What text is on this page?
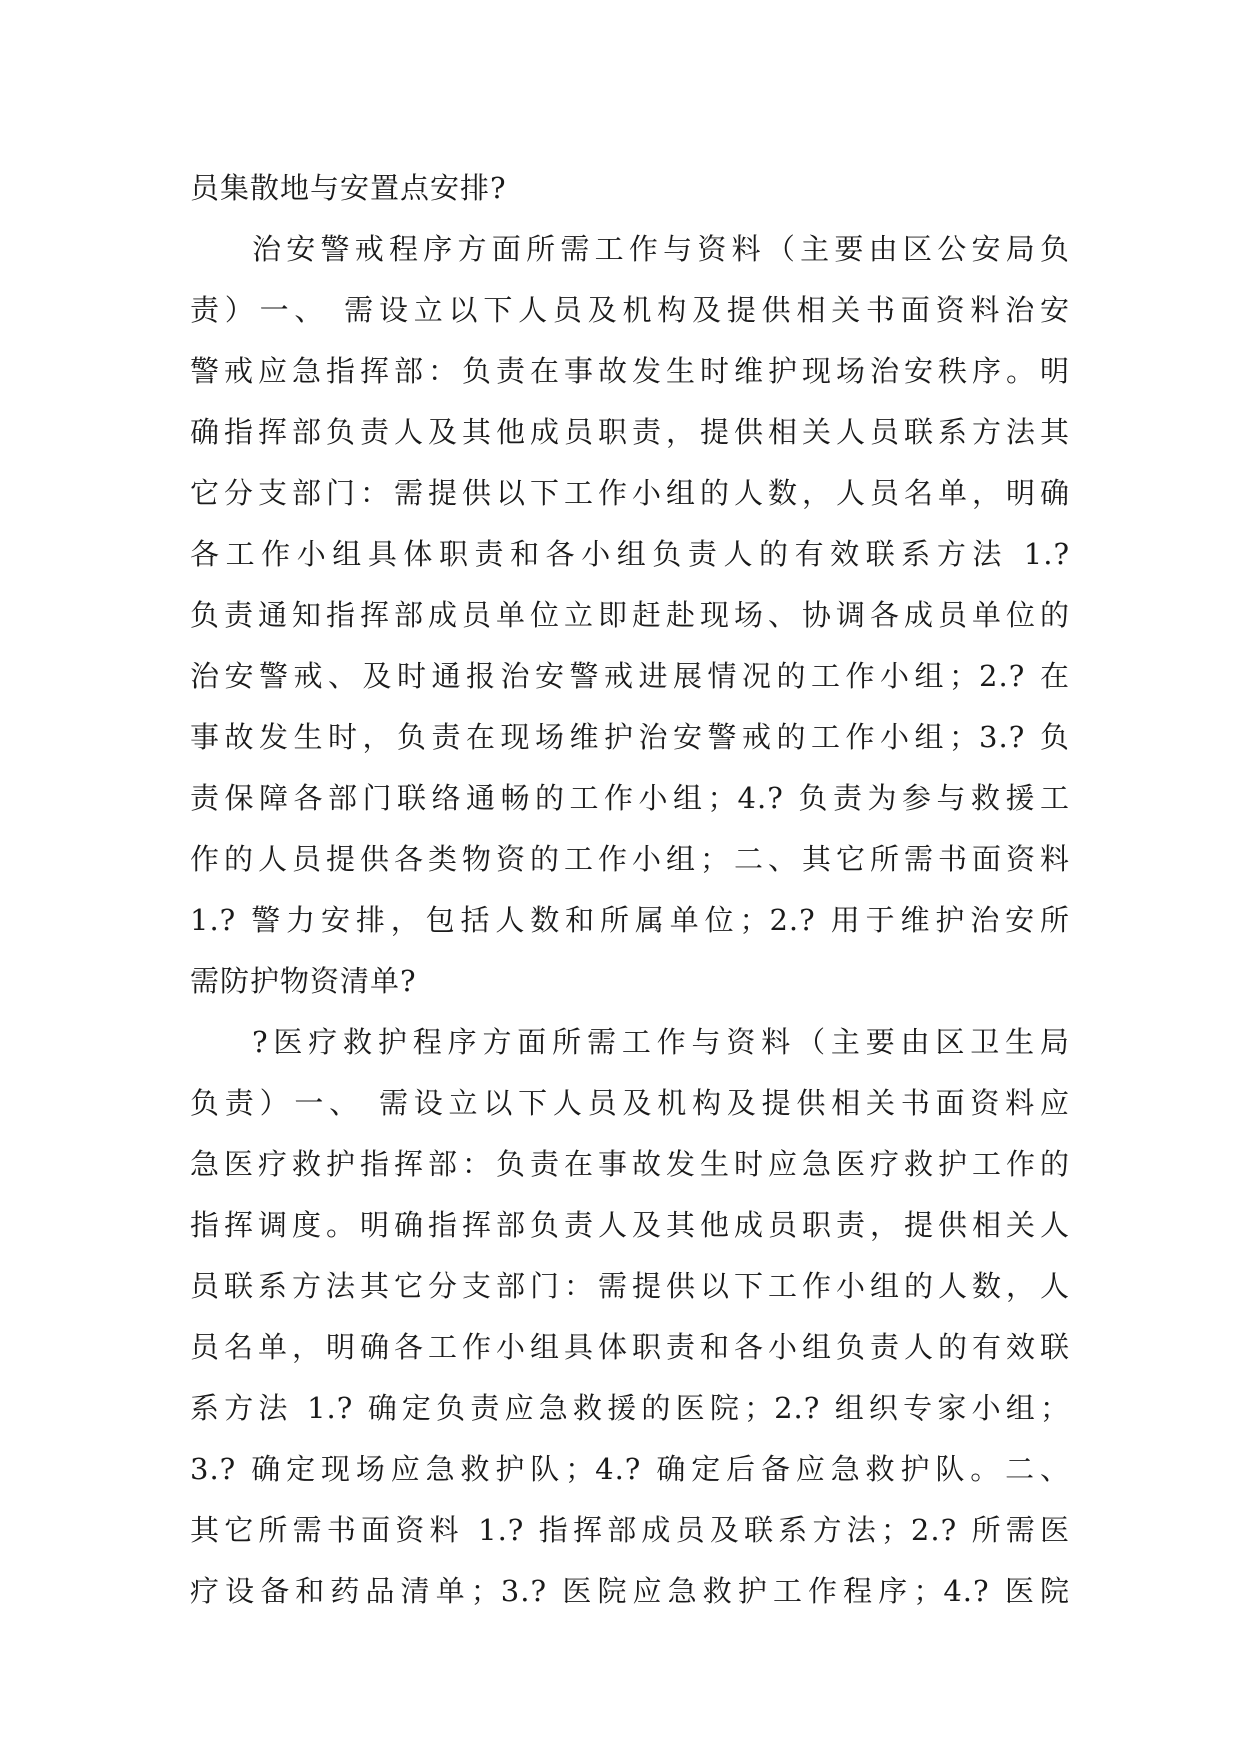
员集散地与安置点安排?
治安警戒程序方面所需工作与资料（主要由区公安局负
责）一、 需设立以下人员及机构及提供相关书面资料治安
警戒应急指挥部：负责在事故发生时维护现场治安秩序。明
确指挥部负责人及其他成员职责，提供相关人员联系方法其
它分支部门：需提供以下工作小组的人数，人员名单，明确
各工作小组具体职责和各小组负责人的有效联系方法 1.?
负责通知指挥部成员单位立即赶赴现场、协调各成员单位的
治安警戒、及时通报治安警戒进展情况的工作小组；2.? 在
事故发生时，负责在现场维护治安警戒的工作小组；3.? 负
责保障各部门联络通畅的工作小组；4.? 负责为参与救援工
作的人员提供各类物资的工作小组；二、其它所需书面资料
1.? 警力安排，包括人数和所属单位；2.? 用于维护治安所
需防护物资清单?
?医疗救护程序方面所需工作与资料（主要由区卫生局
负责）一、 需设立以下人员及机构及提供相关书面资料应
急医疗救护指挥部：负责在事故发生时应急医疗救护工作的
指挥调度。明确指挥部负责人及其他成员职责，提供相关人
员联系方法其它分支部门：需提供以下工作小组的人数，人
员名单，明确各工作小组具体职责和各小组负责人的有效联
系方法 1.? 确定负责应急救援的医院；2.? 组织专家小组；
3.? 确定现场应急救护队；4.? 确定后备应急救护队。二、
其它所需书面资料 1.? 指挥部成员及联系方法；2.? 所需医
疗设备和药品清单；3.? 医院应急救护工作程序；4.? 医院
